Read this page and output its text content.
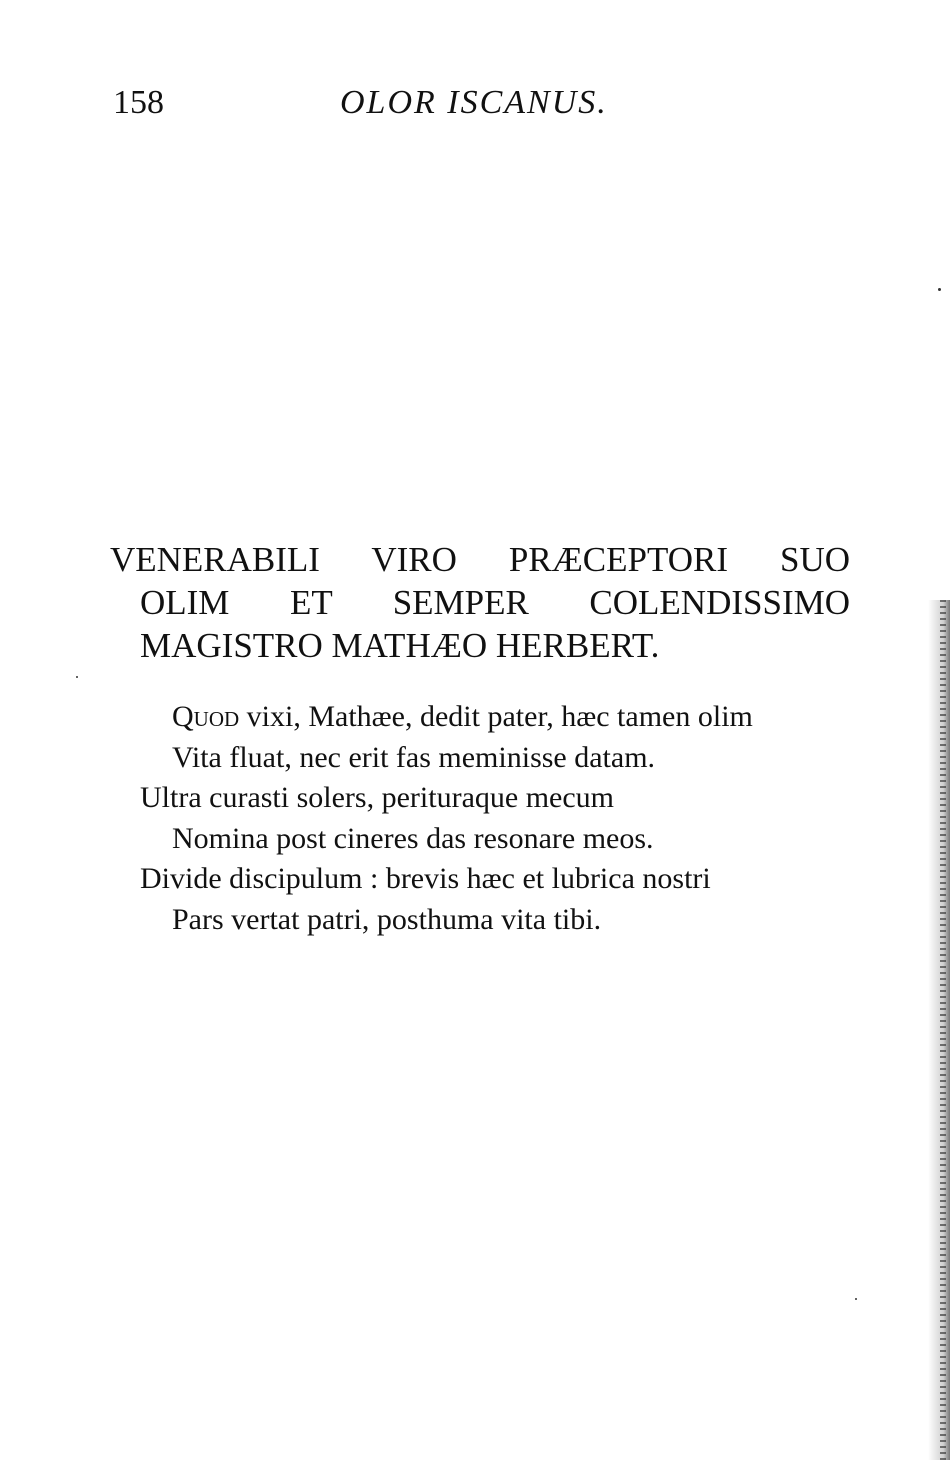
158	OLOR ISCANUS.
VENERABILI VIRO PRÆCEPTORI SUO
OLIM ET SEMPER COLENDISSIMO
MAGISTRO MATHÆO HERBERT.
Quod vixi, Mathæe, dedit pater, hæc tamen olim
Vita fluat, nec erit fas meminisse datam.
Ultra curasti solers, perituraque mecum
Nomina post cineres das resonare meos.
Divide discipulum : brevis hæc et lubrica nostri
Pars vertat patri, posthuma vita tibi.
